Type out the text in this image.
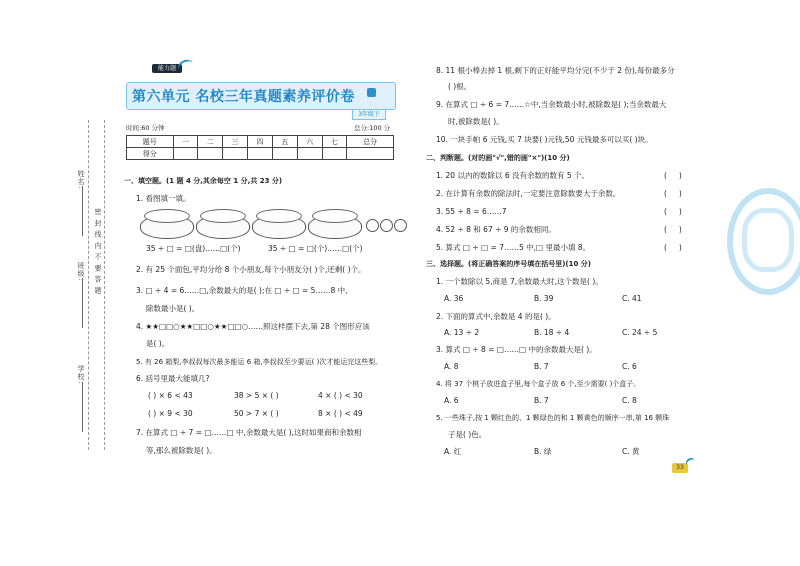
姓名:
班级: 密 封 线 内 不 要 答 题
学校:
能力题
第六单元 名校三年真题素养评价卷
3年级下
时间:60 分钟	总分:100 分
题号	一	二	三	四	五	六	七	总分
得分								
一、填空题。(1 题 4 分,其余每空 1 分,共 23 分)
1. 看图填一填。
35 ÷ □ = □(盘)……□(个)	35 ÷ □ = □(个)……□(个)
2. 有 25 个面包,平均分给 8 个小朋友,每个小朋友分( )个,还剩( )个。
3. □ ÷ 4 = 6……□,余数最大的是( );在 □ ÷ □ = 5……8 中,
除数最小是( )。
4. ★★□□○★★□□○★★□□○……照这样摆下去,第 28 个图形应该
是( )。
5. 有 26 箱梨,李叔叔每次最多能运 6 箱,李叔叔至少要运( )次才能运完这些梨。
6. 括号里最大能填几?
( ) × 6 < 43	38 > 5 × ( )	4 × ( ) < 30
( ) × 9 < 30	50 > 7 × ( )	8 × ( ) < 49
7. 在算式 □ ÷ 7 = □……□ 中,余数最大是( ),这时如果商和余数相
等,那么被除数是( )。
8. 11 根小棒去掉 1 根,剩下的正好能平均分完(不少于 2 份),每份最多分
( )根。
9. 在算式 □ ÷ 6 = 7……☆中,当余数最小时,被除数是( );当余数最大
时,被除数是( )。
10. 一块手帕 6 元钱,买 7 块要( )元钱,50 元钱最多可以买( )块。
二、判断题。(对的画"√",错的画"×")(10 分)
1. 20 以内的数除以 6 没有余数的数有 5 个。	(     )
2. 在计算有余数的除法时,一定要注意除数要大于余数。	(     )
3. 55 ÷ 8 = 6……7	(     )
4. 52 ÷ 8 和 67 ÷ 9 的余数相同。	(     )
5. 算式 □ ÷ □ = 7……5 中,□ 里最小填 8。	(     )
三、选择题。(将正确答案的序号填在括号里)(10 分)
1. 一个数除以 5,商是 7,余数最大时,这个数是( )。
A. 36	B. 39	C. 41
2. 下面的算式中,余数是 4 的是( )。
A. 13 ÷ 2	B. 18 ÷ 4	C. 24 ÷ 5
3. 算式 □ ÷ 8 = □……□ 中的余数最大是( )。
A. 8	B. 7	C. 6
4. 将 37 个桃子放进盒子里,每个盒子放 6 个,至少需要( )个盒子。
A. 6	B. 7	C. 8
5. 一些珠子,按 1 颗红色的、1 颗绿色的和 1 颗黄色的顺序一串,第 16 颗珠
子是( )色。
A. 红	B. 绿	C. 黄
33
